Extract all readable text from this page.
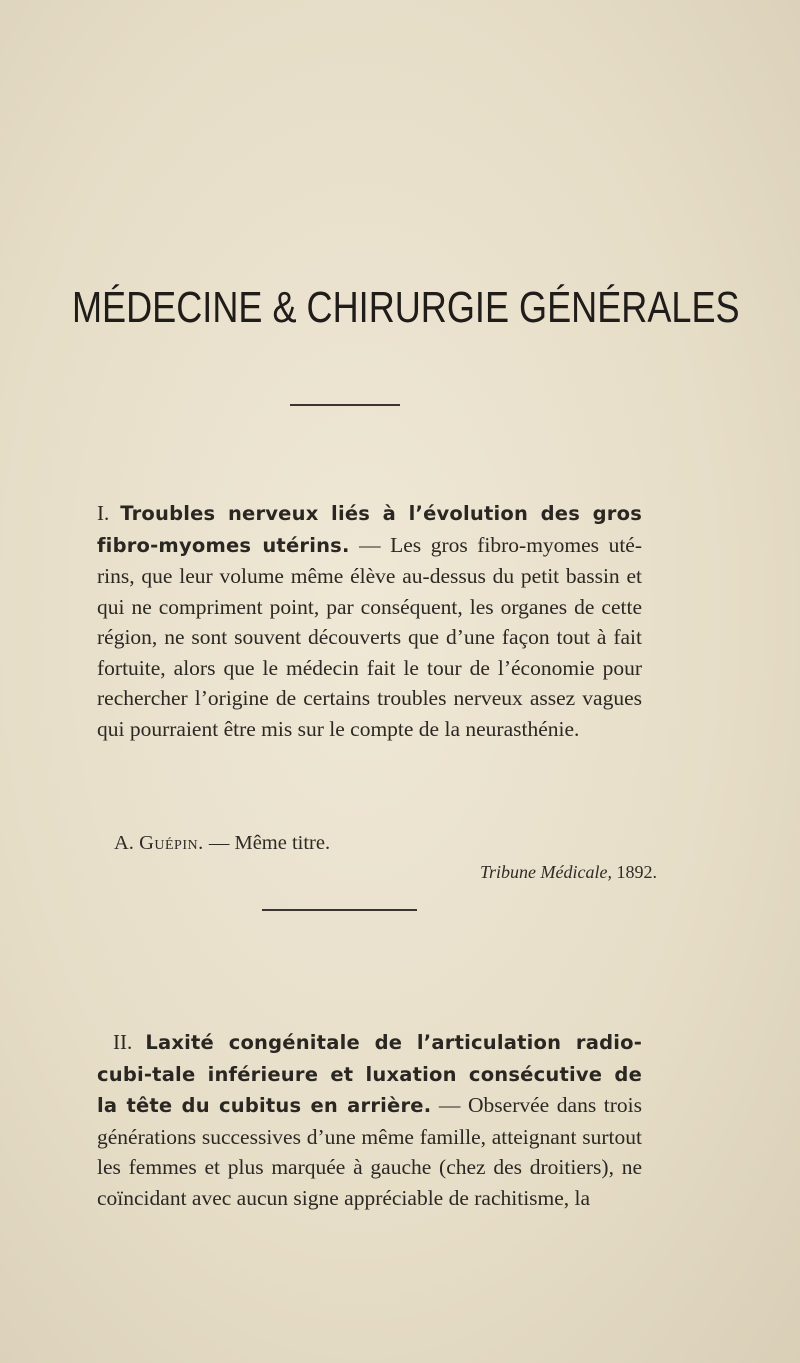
MÉDECINE & CHIRURGIE GÉNÉRALES
I. Troubles nerveux liés à l’évolution des gros fibro-myomes utérins. — Les gros fibro-myomes uté-rins, que leur volume même élève au-dessus du petit bassin et qui ne compriment point, par conséquent, les organes de cette région, ne sont souvent découverts que d’une façon tout à fait fortuite, alors que le médecin fait le tour de l’économie pour rechercher l’origine de certains troubles nerveux assez vagues qui pourraient être mis sur le compte de la neurasthénie.
A. Guépin. — Même titre.
Tribune Médicale, 1892.
II. Laxité congénitale de l’articulation radio-cubi-tale inférieure et luxation consécutive de la tête du cubitus en arrière. — Observée dans trois générations successives d’une même famille, atteignant surtout les femmes et plus marquée à gauche (chez des droitiers), ne coïncidant avec aucun signe appréciable de rachitisme, la
